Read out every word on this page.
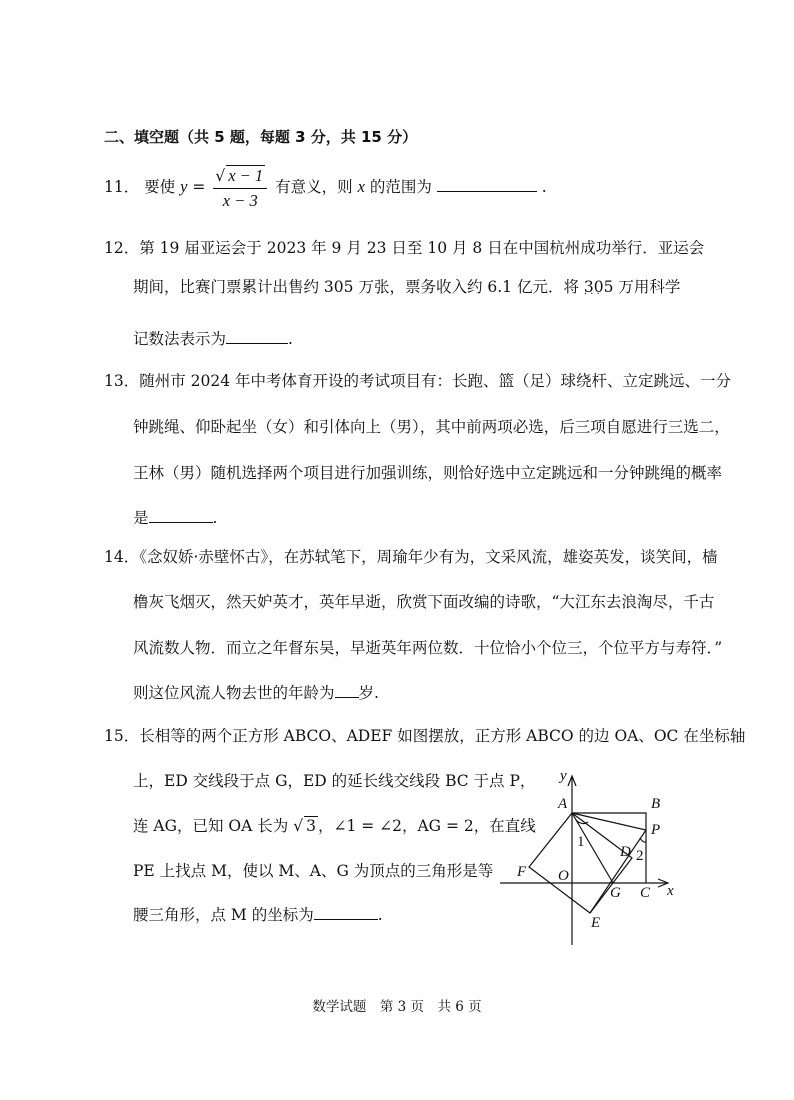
二、填空题（共 5 题，每题 3 分，共 15 分）
11． 要使 $y = \frac{√ x - 1}{x - 3}$ 有意义，则 x 的范围为	.
12．第 19 届亚运会于 2023 年 9 月 23 日至 10 月 8 日在中国杭州成功举行．亚运会
期间，比赛门票累计出售约 305 万张，票务收入约 6.1 亿元．将 305 万 · · ·用科学
记数法表示为	.
13．随州市 2024 年中考体育开设的考试项目有：长跑、篮（足）球绕杆、立定跳远、一分
钟跳绳、仰卧起坐（女）和引体向上（男），其中前两项必选，后三项自愿进行三选二，
王林（男）随机选择两个项目进行加强训练，则恰好选中立定跳远和一分钟跳绳的概率
是	.
14．《念奴娇·赤壁怀古》，在苏轼笔下，周瑜年少有为，文采风流，雄姿英发，谈笑间，樯
橹灰飞烟灭，然天妒英才，英年早逝，欣赏下面改编的诗歌，“大江东去浪淘尽，千古
风流数人物．而立之年督东吴，早逝英年两位数．十位恰小个位三，个位平方与寿符．”
则这位风流人物去世的年龄为 岁.
15．长相等的两个正方形 ABCO、ADEF 如图摆放，正方形 ABCO 的边 OA、OC 在坐标轴
上，ED 交线段于点 G，ED 的延长线交线段 BC 于点 P，
连 AG，已知 OA 长为 √ 3 ，∠1 = ∠2，AG = 2，在直线
PE 上找点 M，使以 M、A、G 为顶点的三角形是等
腰三角形，点 M 的坐标为	.
y
x
A	B
P
D
O
F
G C
E
1
2
数学试题　第 3 页　共 6 页
